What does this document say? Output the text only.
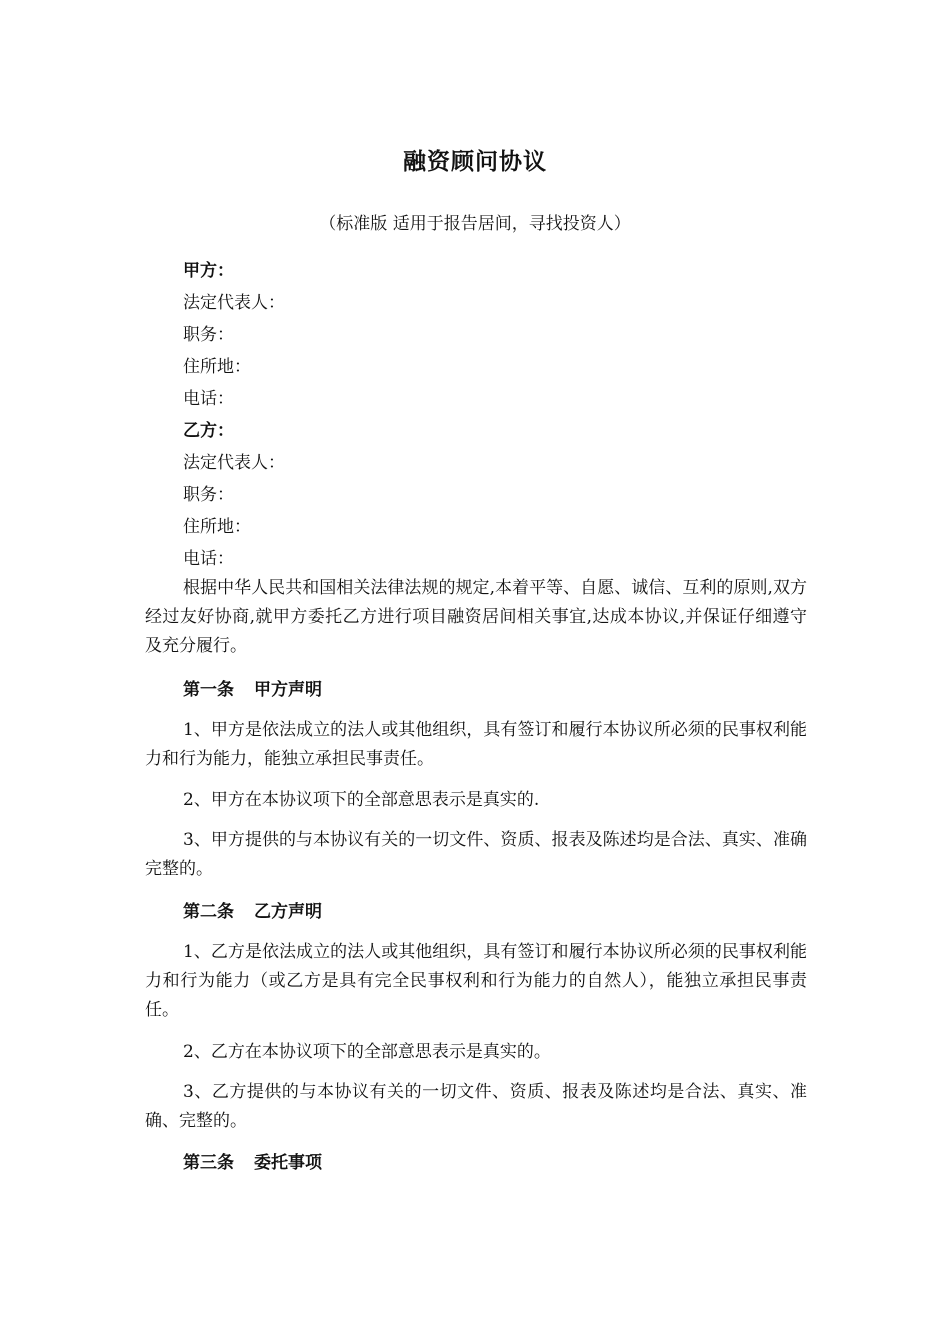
融资顾问协议
（标准版 适用于报告居间，寻找投资人）
甲方：
法定代表人：
职务：
住所地：
电话：
乙方：
法定代表人：
职务：
住所地：
电话：
根据中华人民共和国相关法律法规的规定,本着平等、自愿、诚信、互利的原则,双方经过友好协商,就甲方委托乙方进行项目融资居间相关事宜,达成本协议,并保证仔细遵守及充分履行。
第一条 甲方声明
1、甲方是依法成立的法人或其他组织，具有签订和履行本协议所必须的民事权利能力和行为能力，能独立承担民事责任。
2、甲方在本协议项下的全部意思表示是真实的.
3、甲方提供的与本协议有关的一切文件、资质、报表及陈述均是合法、真实、准确完整的。
第二条 乙方声明
1、乙方是依法成立的法人或其他组织，具有签订和履行本协议所必须的民事权利能力和行为能力（或乙方是具有完全民事权利和行为能力的自然人），能独立承担民事责任。
2、乙方在本协议项下的全部意思表示是真实的。
3、乙方提供的与本协议有关的一切文件、资质、报表及陈述均是合法、真实、准确、完整的。
第三条 委托事项
